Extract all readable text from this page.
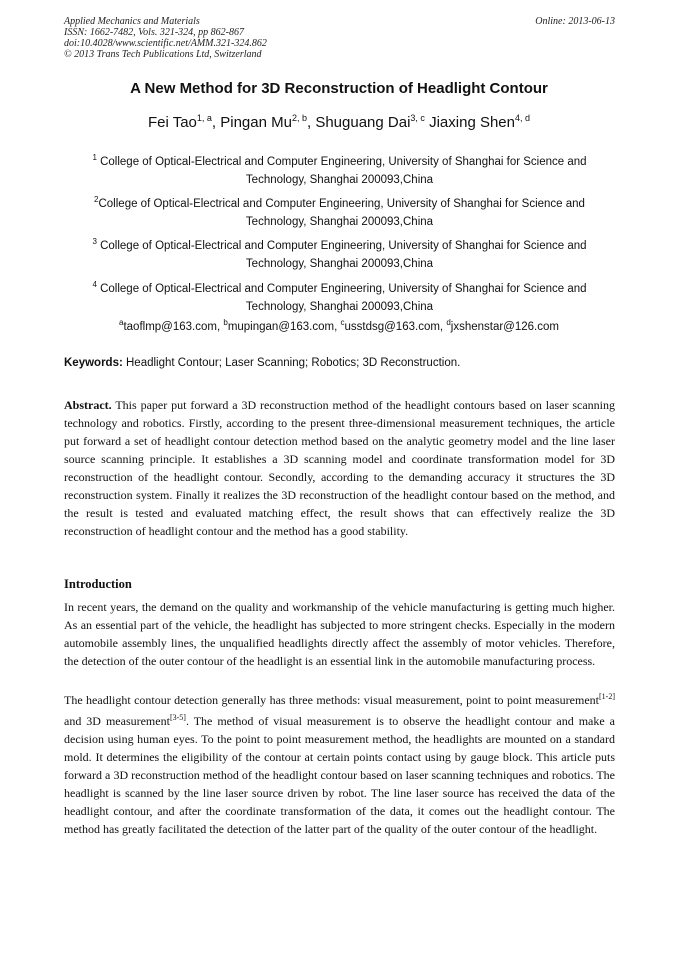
Applied Mechanics and Materials
ISSN: 1662-7482, Vols. 321-324, pp 862-867
doi:10.4028/www.scientific.net/AMM.321-324.862
© 2013 Trans Tech Publications Ltd, Switzerland
Online: 2013-06-13
A New Method for 3D Reconstruction of Headlight Contour
Fei Tao$^{1, a}$, Pingan Mu$^{2, b}$, Shuguang Dai$^{3, c}$ Jiaxing Shen$^{4, d}$
$^1$ College of Optical-Electrical and Computer Engineering, University of Shanghai for Science and
Technology, Shanghai 200093,China
$^2$College of Optical-Electrical and Computer Engineering, University of Shanghai for Science and
Technology, Shanghai 200093,China
$^3$ College of Optical-Electrical and Computer Engineering, University of Shanghai for Science and
Technology, Shanghai 200093,China
$^4$ College of Optical-Electrical and Computer Engineering, University of Shanghai for Science and
Technology, Shanghai 200093,China
$^a$taoflmp@163.com, $^b$mupingan@163.com, $^c$usstdsg@163.com, $^d$jxshenstar@126.com
Keywords: Headlight Contour; Laser Scanning; Robotics; 3D Reconstruction.
Abstract. This paper put forward a 3D reconstruction method of the headlight contours based on laser scanning technology and robotics. Firstly, according to the present three-dimensional measurement techniques, the article put forward a set of headlight contour detection method based on the analytic geometry model and the line laser source scanning principle. It establishes a 3D scanning model and coordinate transformation model for 3D reconstruction of the headlight contour. Secondly, according to the demanding accuracy it structures the 3D reconstruction system. Finally it realizes the 3D reconstruction of the headlight contour based on the method, and the result is tested and evaluated matching effect, the result shows that can effectively realize the 3D reconstruction of headlight contour and the method has a good stability.
Introduction
In recent years, the demand on the quality and workmanship of the vehicle manufacturing is getting much higher. As an essential part of the vehicle, the headlight has subjected to more stringent checks. Especially in the modern automobile assembly lines, the unqualified headlights directly affect the assembly of motor vehicles. Therefore, the detection of the outer contour of the headlight is an essential link in the automobile manufacturing process.
The headlight contour detection generally has three methods: visual measurement, point to point measurement[1-2] and 3D measurement[3-5]. The method of visual measurement is to observe the headlight contour and make a decision using human eyes. To the point to point measurement method, the headlights are mounted on a standard mold. It determines the eligibility of the contour at certain points contact using by gauge block. This article puts forward a 3D reconstruction method of the headlight contour based on laser scanning techniques and robotics. The headlight is scanned by the line laser source driven by robot. The line laser source has received the data of the headlight contour, and after the coordinate transformation of the data, it comes out the headlight contour. The method has greatly facilitated the detection of the latter part of the quality of the outer contour of the headlight.
